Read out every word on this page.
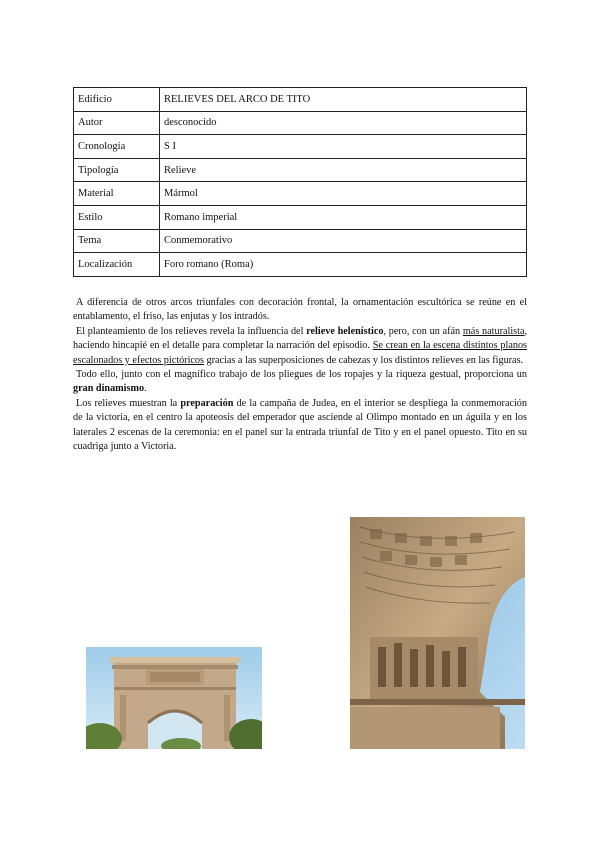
Edificio	RELIEVES DEL ARCO DE TITO
Autor	desconocido
Cronología	S I
Tipología	Relieve
Material	Mármol
Estilo	Romano imperial
Tema	Conmemorativo
Localización	Foro romano (Roma)

A diferencia de otros arcos triunfales con decoración frontal, la ornamentación escultórica se reúne en el entablamento, el friso, las enjutas y los intradós.

El planteamiento de los relieves revela la influencia del relieve helenístico, pero, con un afán más naturalista, haciendo hincapié en el detalle para completar la narración del episodio. Se crean en la escena distintos planos escalonados y efectos pictóricos gracias a las superposiciones de cabezas y los distintos relieves en las figuras.

Todo ello, junto con el magnífico trabajo de los pliegues de los ropajes y la riqueza gestual, proporciona un gran dinamismo.

Los relieves muestran la preparación de la campaña de Judea, en el interior se despliega la conmemoración de la victoria, en el centro la apoteosis del emperador que asciende al Olimpo montado en un águila y en los laterales 2 escenas de la ceremonia: en el panel sur la entrada triunfal de Tito y en el panel opuesto. Tito en su cuadriga junto a Victoria.
